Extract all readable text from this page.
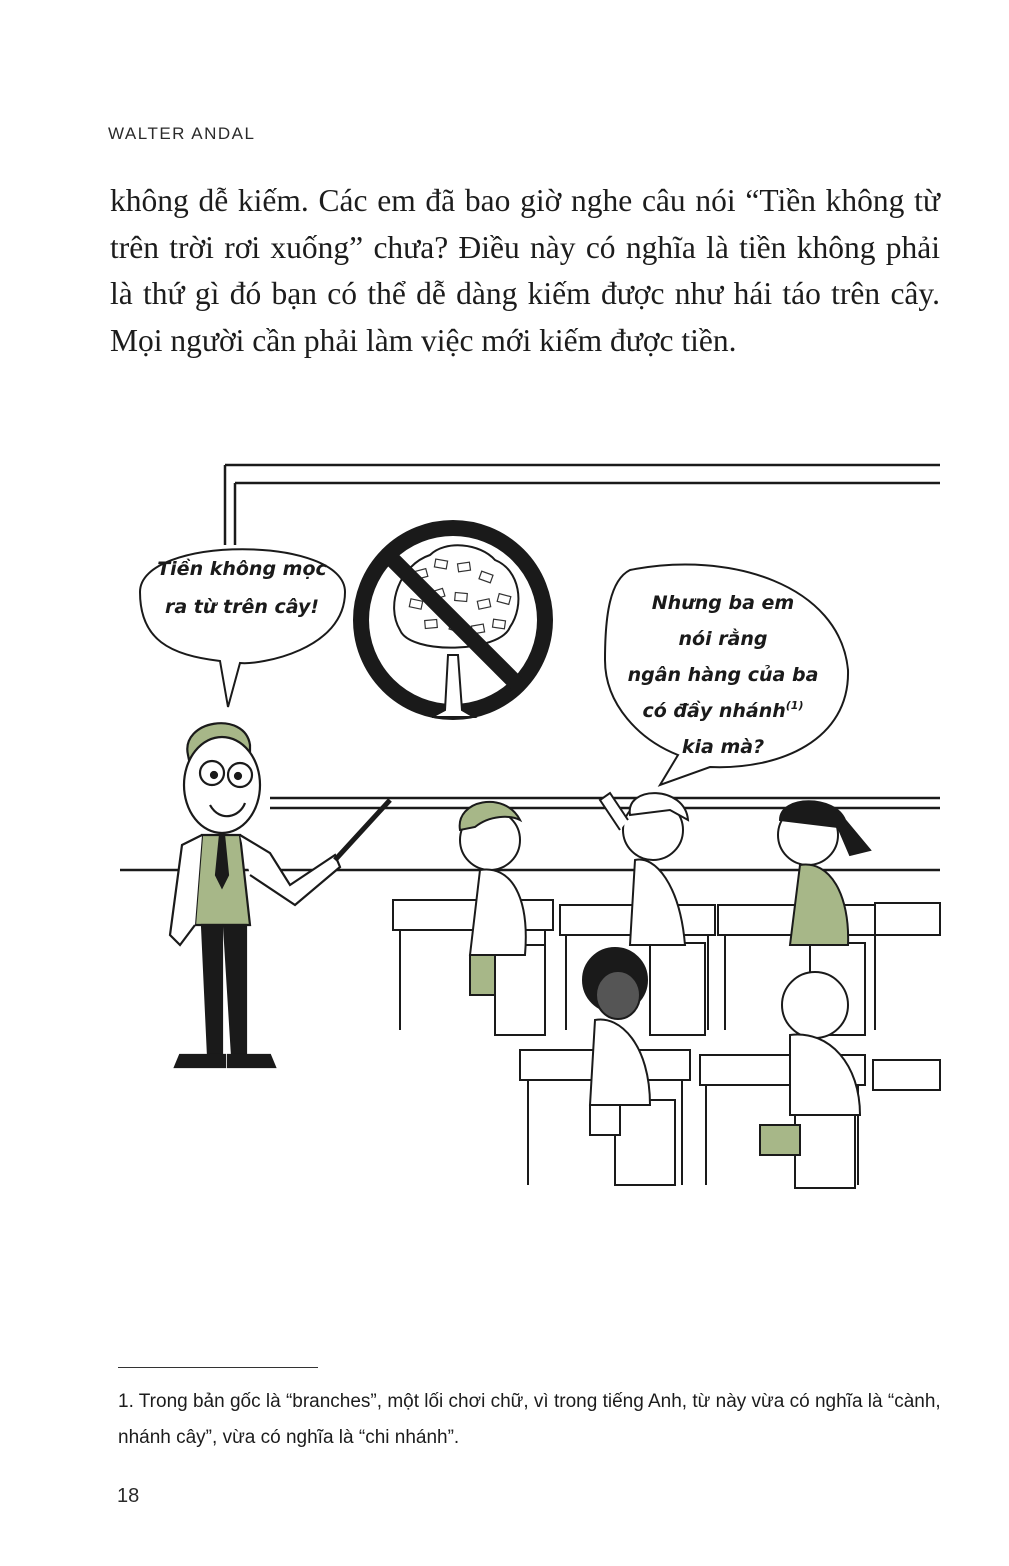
WALTER ANDAL
không dễ kiếm. Các em đã bao giờ nghe câu nói “Tiền không từ trên trời rơi xuống” chưa? Điều này có nghĩa là tiền không phải là thứ gì đó bạn có thể dễ dàng kiếm được như hái táo trên cây. Mọi người cần phải làm việc mới kiếm được tiền.
Tiền không mọc
ra từ trên cây!	Nhưng ba em
nói rằng
ngân hàng của ba
có đầy nhánh$^{(1)}$
kia mà?
1. Trong bản gốc là “branches”, một lối chơi chữ, vì trong tiếng Anh, từ này vừa có nghĩa là “cành, nhánh cây”, vừa có nghĩa là “chi nhánh”.
18
